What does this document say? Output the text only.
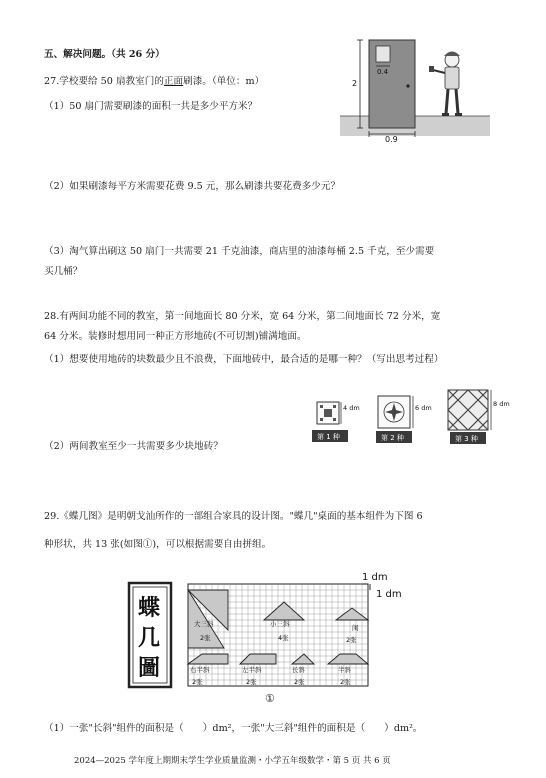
五、解决问题。（共 26 分）
27.学校要给 50 扇教室门的正面刷漆。（单位：m）
（1）50 扇门需要刷漆的面积一共是多少平方米？
2
0.4
0.9
（2）如果刷漆每平方米需要花费 9.5 元，那么刷漆共要花费多少元？
（3）淘气算出刷这 50 扇门一共需要 21 千克油漆，商店里的油漆每桶 2.5 千克，至少需要
买几桶？
28.有两间功能不同的教室，第一间地面长 80 分米，宽 64 分米，第二间地面长 72 分米，宽
64 分米。装修时想用同一种正方形地砖(不可切割)铺满地面。
（1）想要使用地砖的块数最少且不浪费，下面地砖中，最合适的是哪一种？（写出思考过程）
4 dm
第 1 种
6 dm
第 2 种
8 dm
第 3 种
（2）两间教室至少一共需要多少块地砖？
29.《蝶几图》是明朝戈汕所作的一部组合家具的设计图。"蝶几"桌面的基本组件为下图 6
种形状，共 13 张(如图①)，可以根据需要自由拼组。
蝶
几
圖
1 dm
1 dm
大三斜
2张
小三斜
4张
闺
2张
右半斜
2张
左半斜
2张
长斜
2张
半斜
2张
①
（1）一张"长斜"组件的面积是（　　）dm²，一张"大三斜"组件的面积是（　　）dm²。
2024—2025 学年度上期期末学生学业质量监测・小学五年级数学・第 5 页 共 6 页
